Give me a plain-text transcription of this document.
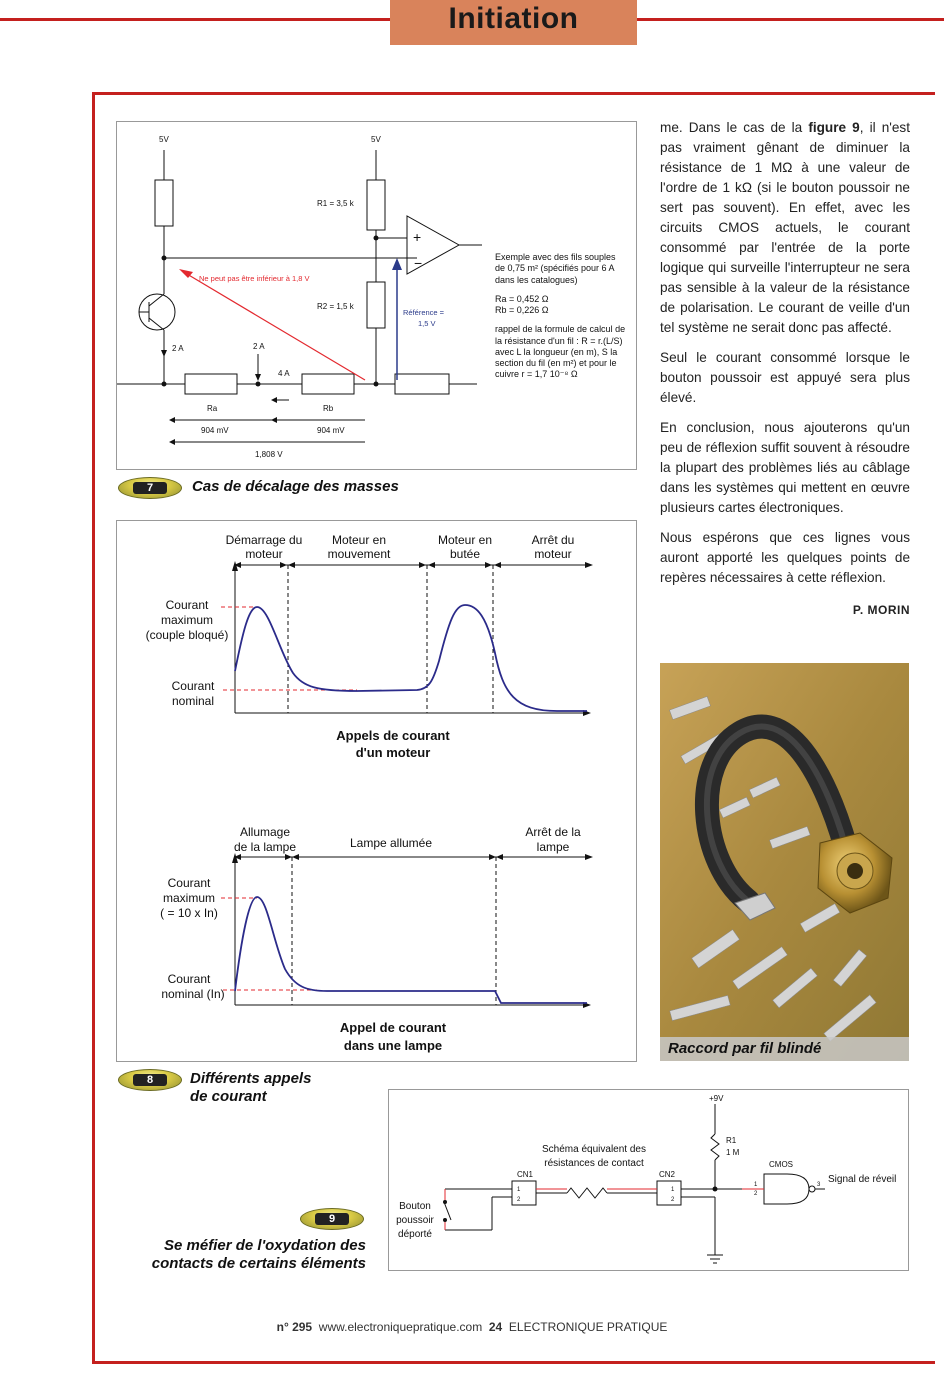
Initiation
+
−
5V	5V
R1 = 3,5 k
R2 = 1,5 k
Ne peut pas être inférieur à 1,8 V
Référence =
1,5 V
2 A	2 A
4 A
Ra	Rb
904 mV	904 mV
1,808 V
Exemple avec des fils souples
de 0,75 m² (spécifiés pour 6 A
dans les catalogues)
Ra = 0,452 Ω
Rb = 0,226 Ω
rappel de la formule de calcul de
la résistance d'un fil : R = r.(L/S)
avec L la longueur (en m), S la
section du fil (en m²) et pour le
cuivre r = 1,7 10⁻⁸ Ω
7	Cas de décalage des masses
Démarrage du
moteur
Moteur en
mouvement
Moteur en
butée
Arrêt du
moteur
Courant
maximum
(couple bloqué)
Courant
nominal
Appels de courant
d'un moteur
Allumage
de la lampe	Lampe allumée
Arrêt de la
lampe
Courant
maximum
( = 10 x In)
Courant
nominal (In)
Appel de courant
dans une lampe
8	Différents appels
de courant	+9V
R1
1 M
CMOS
CN1	CN2
1
2
1
2
1
2
3
Schéma équivalent des
résistances de contact
Bouton
poussoir
déporté
Signal de réveil
9
Se méfier de l'oxydation des
contacts de certains éléments

me. Dans le cas de la figure 9, il n'est pas vraiment gênant de diminuer la résistance de 1 MΩ à une valeur de l'ordre de 1 kΩ (si le bouton poussoir ne sert pas souvent). En effet, avec les circuits CMOS actuels, le courant consommé par l'entrée de la porte logique qui surveille l'interrupteur ne sera pas sensible à la valeur de la résistance de polarisation. Le courant de veille d'un tel système ne serait donc pas affecté.

Seul le courant consommé lorsque le bouton poussoir est appuyé sera plus élevé.

En conclusion, nous ajouterons qu'un peu de réflexion suffit souvent à résoudre la plupart des problèmes liés au câblage dans les systèmes qui mettent en œuvre plusieurs cartes électroniques.

Nous espérons que ces lignes vous auront apporté les quelques points de repères nécessaires à cette réflexion.

P. MORIN
Raccord par fil blindé
n° 295 www.electroniquepratique.com 24 ELECTRONIQUE PRATIQUE
